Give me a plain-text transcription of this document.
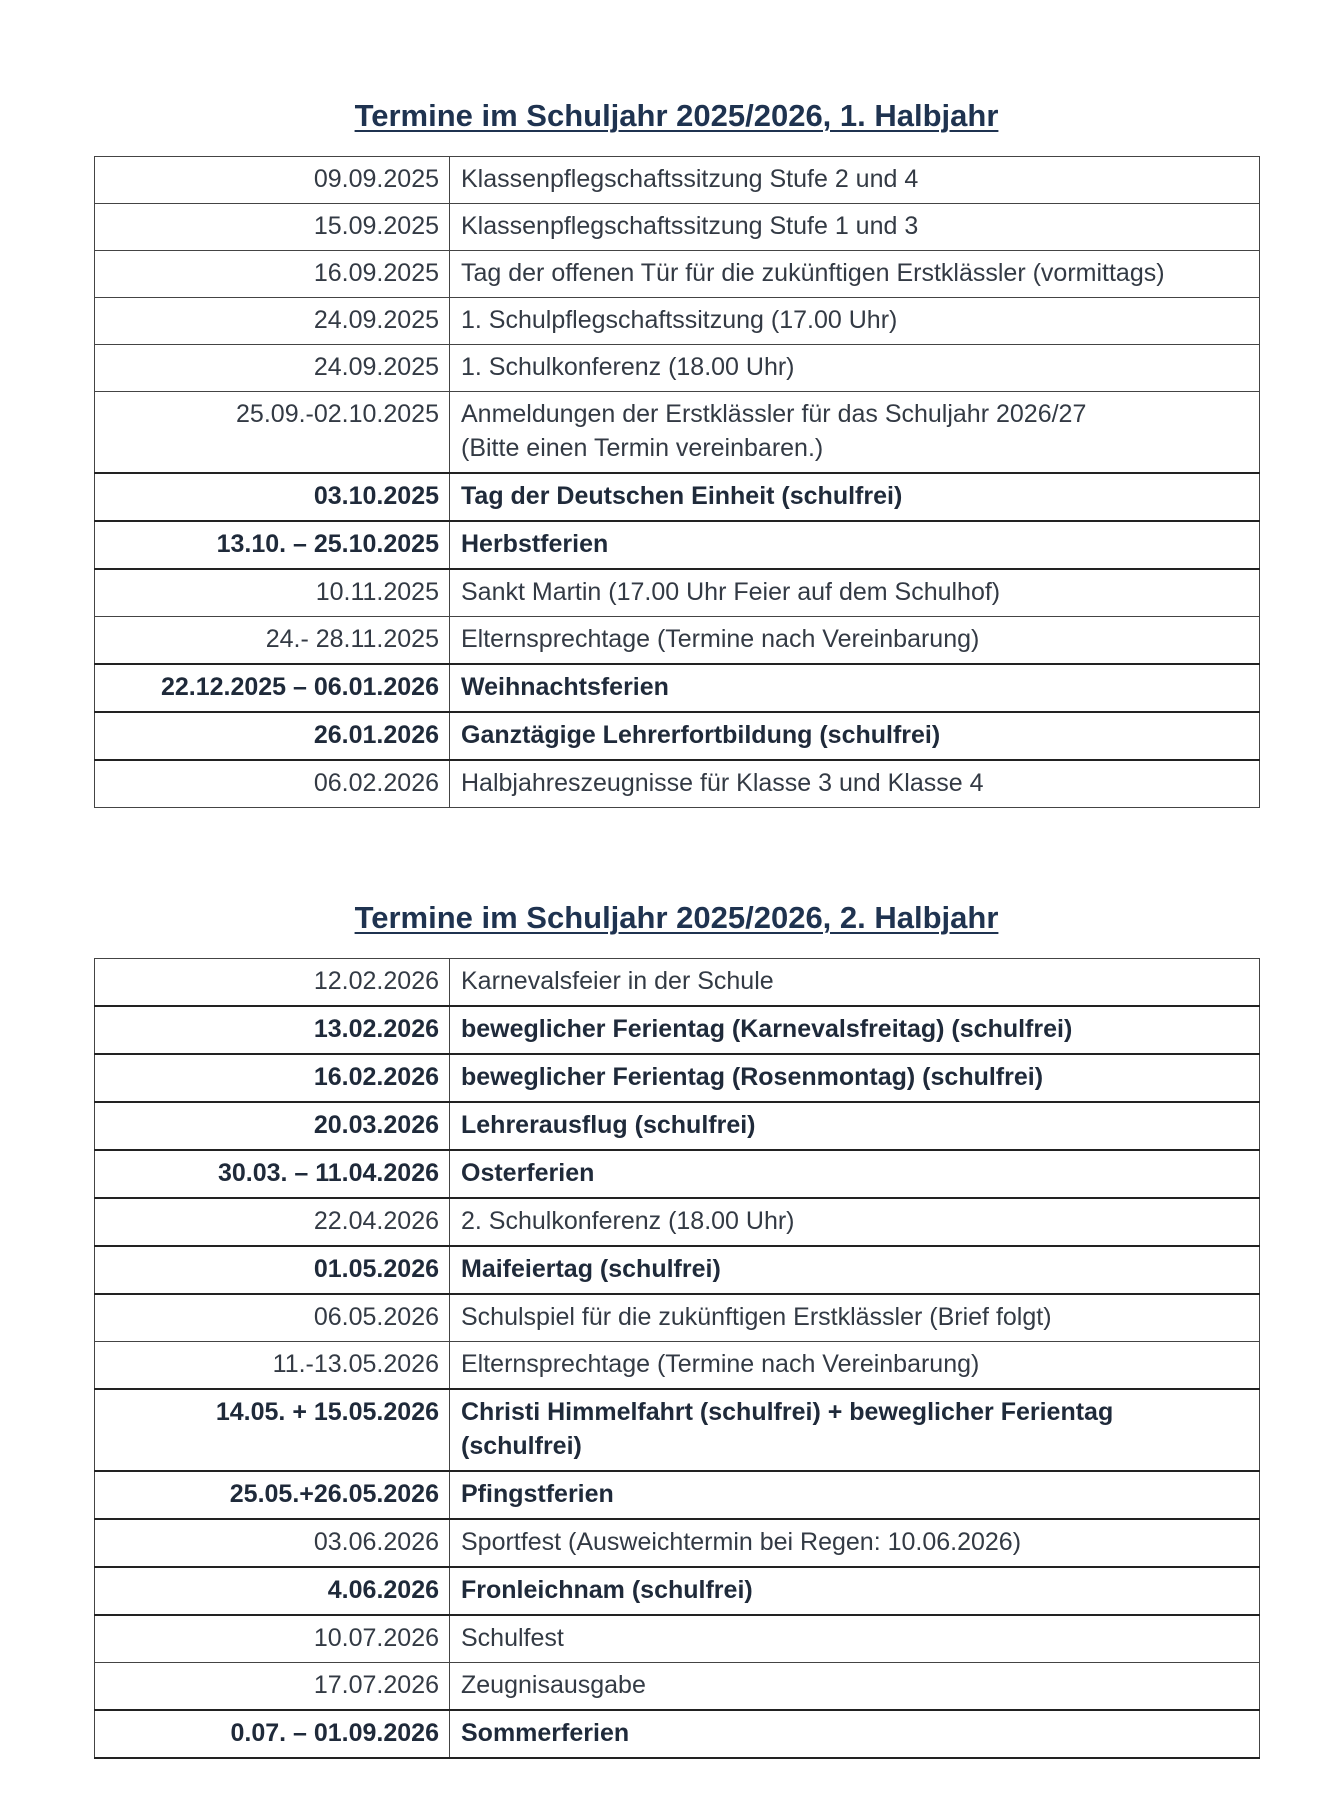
Termine im Schuljahr 2025/2026, 1. Halbjahr
09.09.2025	Klassenpflegschaftssitzung Stufe 2 und 4

15.09.2025	Klassenpflegschaftssitzung Stufe 1 und 3

16.09.2025	Tag der offenen Tür für die zukünftigen Erstklässler (vormittags)

24.09.2025	1. Schulpflegschaftssitzung (17.00 Uhr)

24.09.2025	1. Schulkonferenz (18.00 Uhr)

25.09.-02.10.2025	Anmeldungen der Erstklässler für das Schuljahr 2026/27
(Bitte einen Termin vereinbaren.)

03.10.2025	Tag der Deutschen Einheit (schulfrei)

13.10. – 25.10.2025	Herbstferien

10.11.2025	Sankt Martin (17.00 Uhr Feier auf dem Schulhof)

24.- 28.11.2025	Elternsprechtage (Termine nach Vereinbarung)

22.12.2025 – 06.01.2026	Weihnachtsferien

26.01.2026	Ganztägige Lehrerfortbildung (schulfrei)

06.02.2026	Halbjahreszeugnisse für Klasse 3 und Klasse 4
Termine im Schuljahr 2025/2026, 2. Halbjahr
12.02.2026	Karnevalsfeier in der Schule

13.02.2026	beweglicher Ferientag (Karnevalsfreitag) (schulfrei)

16.02.2026	beweglicher Ferientag (Rosenmontag) (schulfrei)

20.03.2026	Lehrerausflug (schulfrei)

30.03. – 11.04.2026	Osterferien

22.04.2026	2. Schulkonferenz (18.00 Uhr)

01.05.2026	Maifeiertag (schulfrei)

06.05.2026	Schulspiel für die zukünftigen Erstklässler (Brief folgt)

11.-13.05.2026	Elternsprechtage (Termine nach Vereinbarung)

14.05. + 15.05.2026	Christi Himmelfahrt (schulfrei) + beweglicher Ferientag
(schulfrei)

25.05.+26.05.2026	Pfingstferien

03.06.2026	Sportfest (Ausweichtermin bei Regen: 10.06.2026)

4.06.2026	Fronleichnam (schulfrei)

10.07.2026	Schulfest

17.07.2026	Zeugnisausgabe

0.07. – 01.09.2026	Sommerferien
